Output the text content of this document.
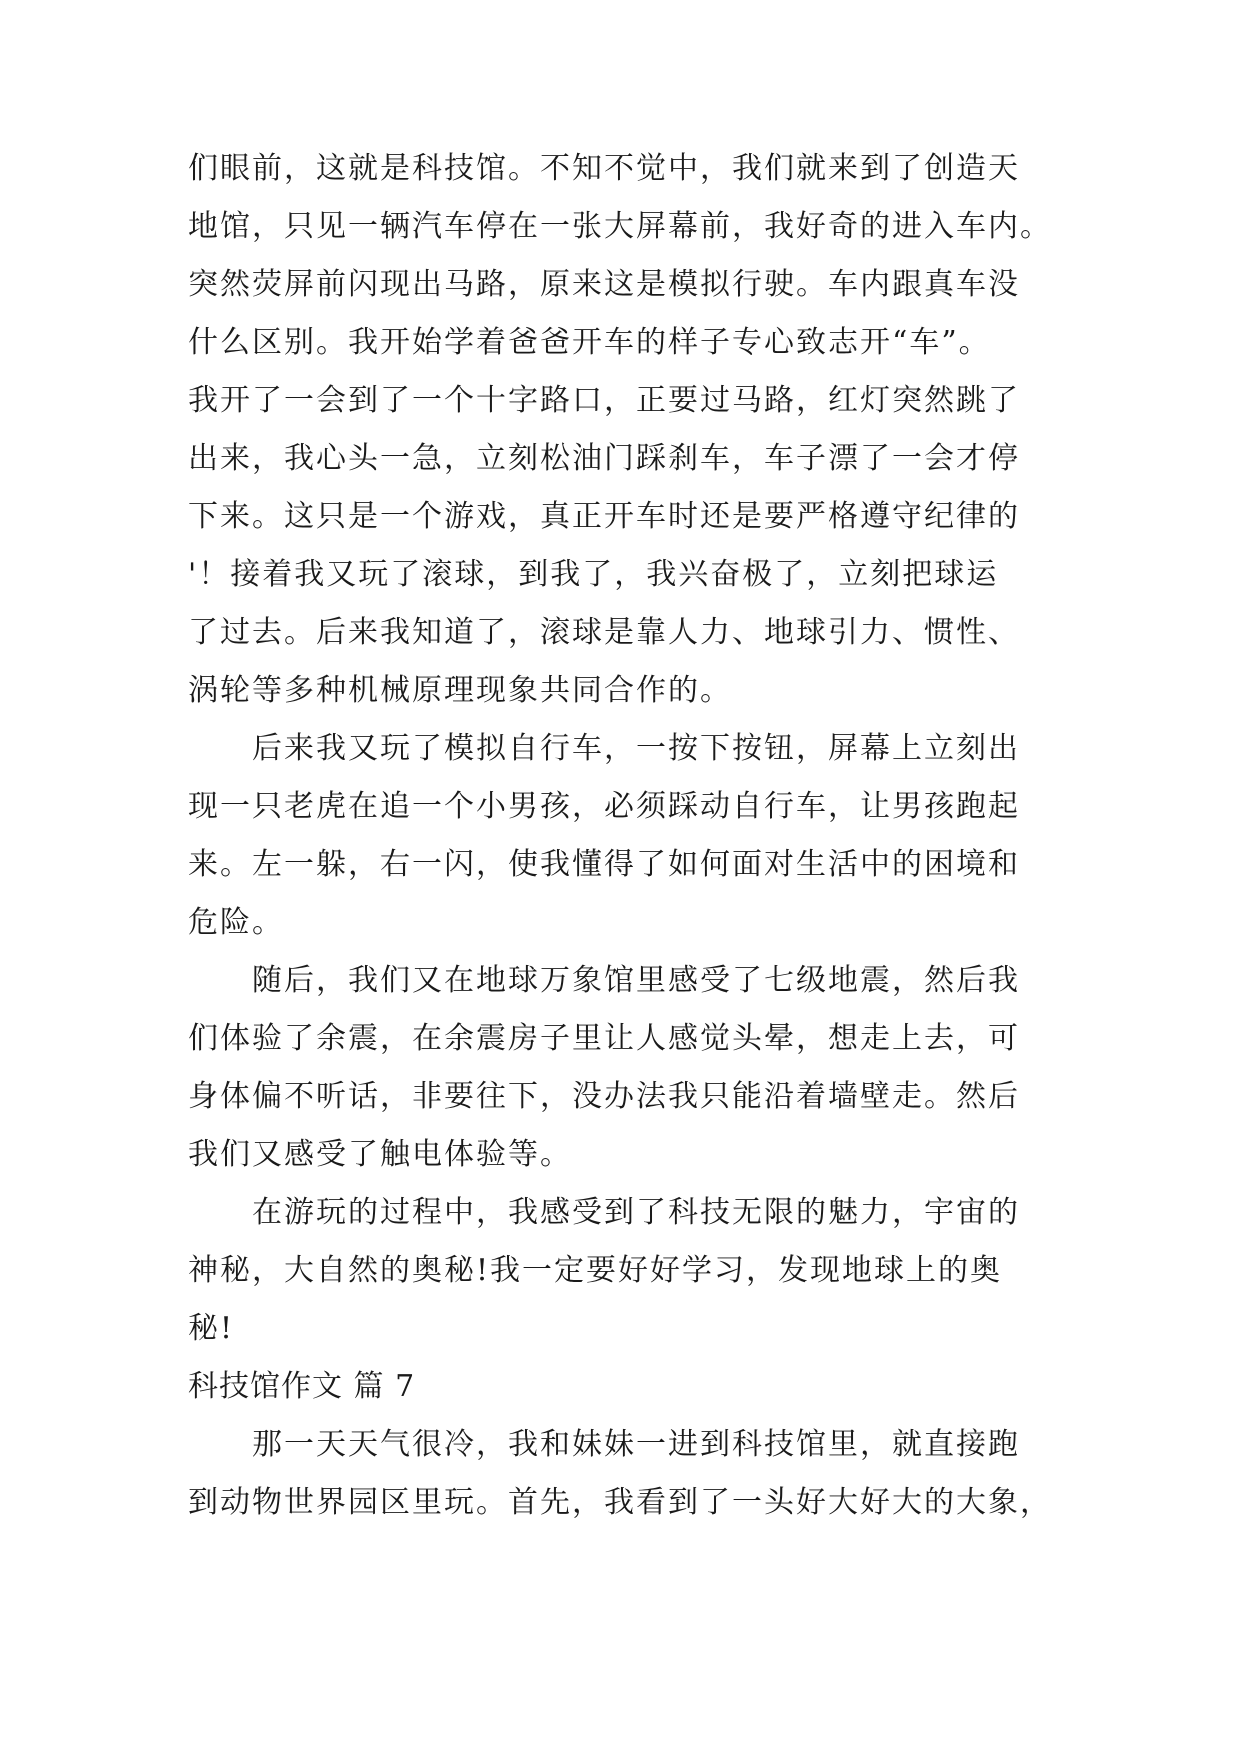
们眼前，这就是科技馆。不知不觉中，我们就来到了创造天
地馆，只见一辆汽车停在一张大屏幕前，我好奇的进入车内。
突然荧屏前闪现出马路，原来这是模拟行驶。车内跟真车没
什么区别。我开始学着爸爸开车的样子专心致志开“车”。
我开了一会到了一个十字路口，正要过马路，红灯突然跳了
出来，我心头一急，立刻松油门踩刹车，车子漂了一会才停
下来。这只是一个游戏，真正开车时还是要严格遵守纪律的
'！接着我又玩了滚球，到我了，我兴奋极了，立刻把球运
了过去。后来我知道了，滚球是靠人力、地球引力、惯性、
涡轮等多种机械原理现象共同合作的。
后来我又玩了模拟自行车，一按下按钮，屏幕上立刻出
现一只老虎在追一个小男孩，必须踩动自行车，让男孩跑起
来。左一躲，右一闪，使我懂得了如何面对生活中的困境和
危险。
随后，我们又在地球万象馆里感受了七级地震，然后我
们体验了余震，在余震房子里让人感觉头晕，想走上去，可
身体偏不听话，非要往下，没办法我只能沿着墙壁走。然后
我们又感受了触电体验等。
在游玩的过程中，我感受到了科技无限的魅力，宇宙的
神秘，大自然的奥秘!我一定要好好学习，发现地球上的奥
秘!
科技馆作文 篇 7
那一天天气很冷，我和妹妹一进到科技馆里，就直接跑
到动物世界园区里玩。首先，我看到了一头好大好大的大象，
